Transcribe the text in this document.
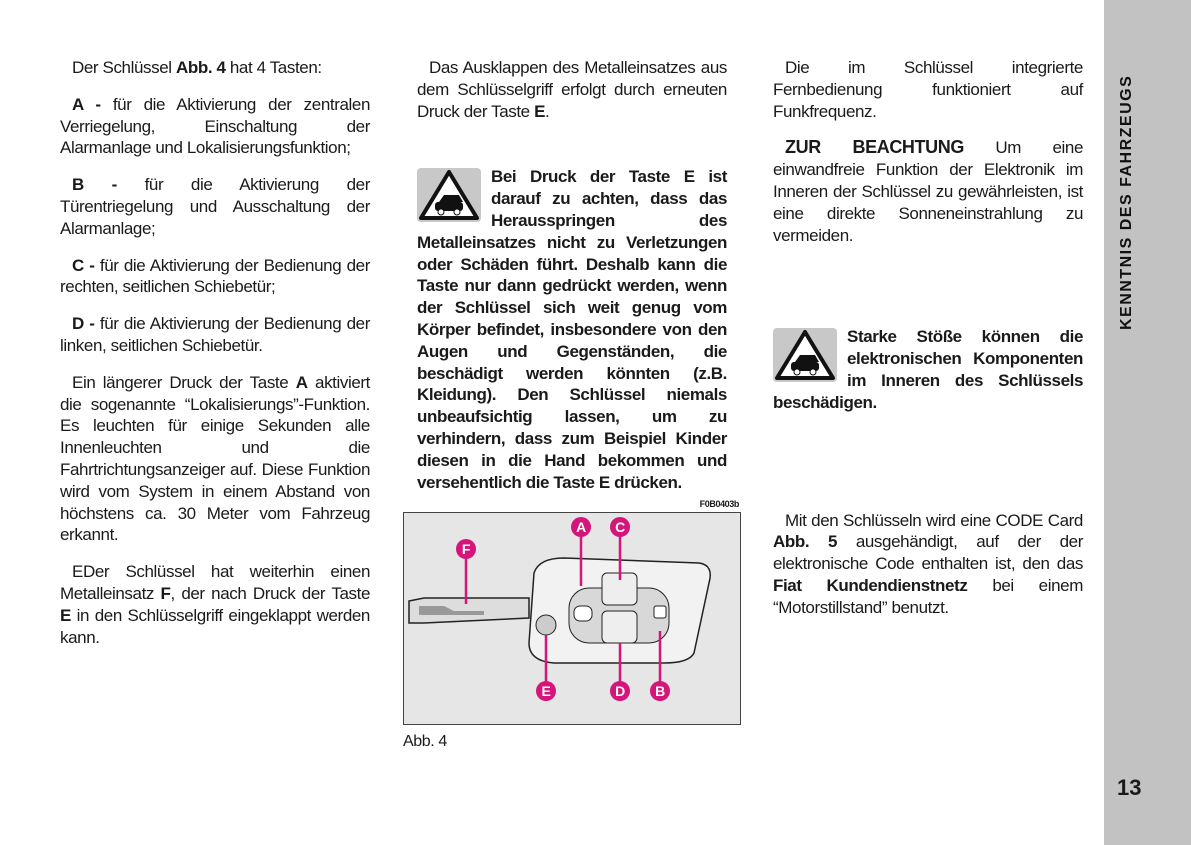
Der Schlüssel Abb. 4 hat 4 Tasten:

A - für die Aktivierung der zentralen Verriegelung, Einschaltung der Alarmanlage und Lokalisierungsfunktion;

B - für die Aktivierung der Türentriegelung und Ausschaltung der Alarmanlage;

C - für die Aktivierung der Bedienung der rechten, seitlichen Schiebetür;

D - für die Aktivierung der Bedienung der linken, seitlichen Schiebetür.

Ein längerer Druck der Taste A aktiviert die sogenannte “Lokalisierungs”-Funktion. Es leuchten für einige Sekunden alle Innenleuchten und die Fahrtrichtungsanzeiger auf. Diese Funktion wird vom System in einem Abstand von höchstens ca. 30 Meter vom Fahrzeug erkannt.

EDer Schlüssel hat weiterhin einen Metalleinsatz F, der nach Druck der Taste E in den Schlüsselgriff eingeklappt werden kann.

Das Ausklappen des Metalleinsatzes aus dem Schlüsselgriff erfolgt durch erneuten Druck der Taste E.

Bei Druck der Taste E ist darauf zu achten, dass das Herausspringen des Metalleinsatzes nicht zu Verletzungen oder Schäden führt. Deshalb kann die Taste nur dann gedrückt werden, wenn der Schlüssel sich weit genug vom Körper befindet, insbesondere von den Augen und Gegenständen, die beschädigt werden könnten (z.B. Kleidung). Den Schlüssel niemals unbeaufsichtig lassen, um zu verhindern, dass zum Beispiel Kinder diesen in die Hand bekommen und versehentlich die Taste E drücken.

F0B0403b
A C
F
E	D B
Abb. 4

Die im Schlüssel integrierte Fernbedienung funktioniert auf Funkfrequenz.

ZUR BEACHTUNG Um eine einwandfreie Funktion der Elektronik im Inneren der Schlüssel zu gewährleisten, ist eine direkte Sonneneinstrahlung zu vermeiden.

Starke Stöße können die elektronischen Komponenten im Inneren des Schlüssels beschädigen.

Mit den Schlüsseln wird eine CODE Card Abb. 5 ausgehändigt, auf der der elektronische Code enthalten ist, den das Fiat Kundendienstnetz bei einem “Motorstillstand” benutzt.

KENNTNIS DES FAHRZEUGS
13
